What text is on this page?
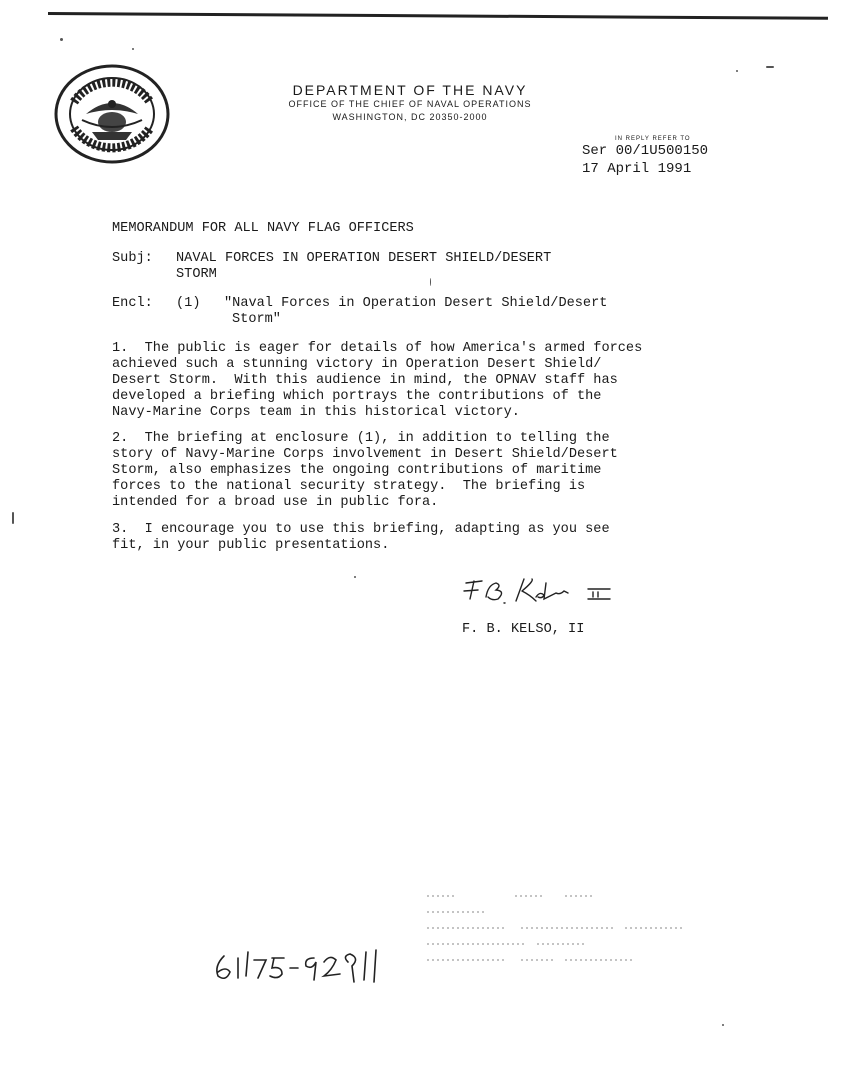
DEPARTMENT OF THE NAVY
OFFICE OF THE CHIEF OF NAVAL OPERATIONS
WASHINGTON, DC 20350-2000
IN REPLY REFER TO
Ser 00/1U500150
17 April 1991
MEMORANDUM FOR ALL NAVY FLAG OFFICERS
Subj: NAVAL FORCES IN OPERATION DESERT SHIELD/DESERT
STORM
Encl: (1) "Naval Forces in Operation Desert Shield/Desert
Storm"
1.  The public is eager for details of how America's armed forces
achieved such a stunning victory in Operation Desert Shield/
Desert Storm.  With this audience in mind, the OPNAV staff has
developed a briefing which portrays the contributions of the
Navy-Marine Corps team in this historical victory.
2.  The briefing at enclosure (1), in addition to telling the
story of Navy-Marine Corps involvement in Desert Shield/Desert
Storm, also emphasizes the ongoing contributions of maritime
forces to the national security strategy.  The briefing is
intended for a broad use in public fora.
3.  I encourage you to use this briefing, adapting as you see
fit, in your public presentations.
F. B. KELSO, II
